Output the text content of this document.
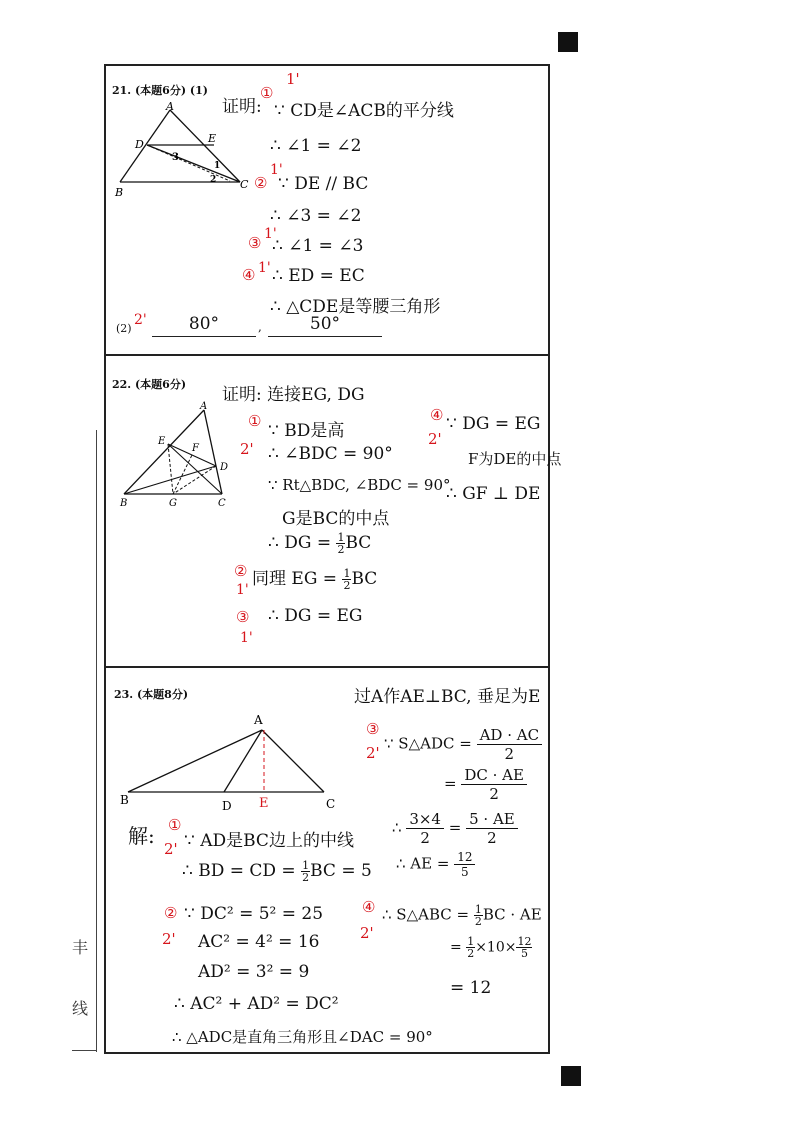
丰
线
21. (本题6分) (1)
A
D	E
B
C
3
1
2
证明:
①
1'
∵ CD是∠ACB的平分线
∴ ∠1 = ∠2
②
1'
∵ DE // BC
∴ ∠3 = ∠2
③ 1'
∴ ∠1 = ∠3
④ 1' ∴ ED = EC
∴ △CDE是等腰三角形
(2)
2'	80°	,	50°
22. (本题6分)
A
E
F
D
B	G	C
证明: 连接EG, DG
①
2'
∵ BD是高
∴ ∠BDC = 90°
∵ Rt△BDC, ∠BDC = 90°
G是BC的中点
∴ DG = $\frac{1}{2}$ BC
②
1'
同理 EG = $\frac{1}{2}$ BC
③
1'
∴ DG = EG
④
2'
∵ DG = EG
F为DE的中点
∴ GF ⊥ DE
23. (本题8分)
A
B	D E	C
过A作AE⊥BC, 垂足为E
解: ①
2' ∵ AD是BC边上的中线
∴ BD = CD = $\frac{1}{2}$ BC = 5
②
2'
∵ DC² = 5² = 25
AC² = 4² = 16
AD² = 3² = 9
∴ AC² + AD² = DC²
∴ △ADC是直角三角形且∠DAC = 90°
③
2'
∵ S△ADC = $\frac{AD \cdot AC}{2}$
= $\frac{DC \cdot AE}{2}$
∴ $\frac{3\times 4}{2} = \frac{5 \cdot AE}{2}$
∴ AE = $\frac{12}{5}$
④
2'
∴ S△ABC = $\frac{1}{2}$ BC · AE
= $\frac{1}{2} \times 10\times \frac{12}{5}$
= 12
